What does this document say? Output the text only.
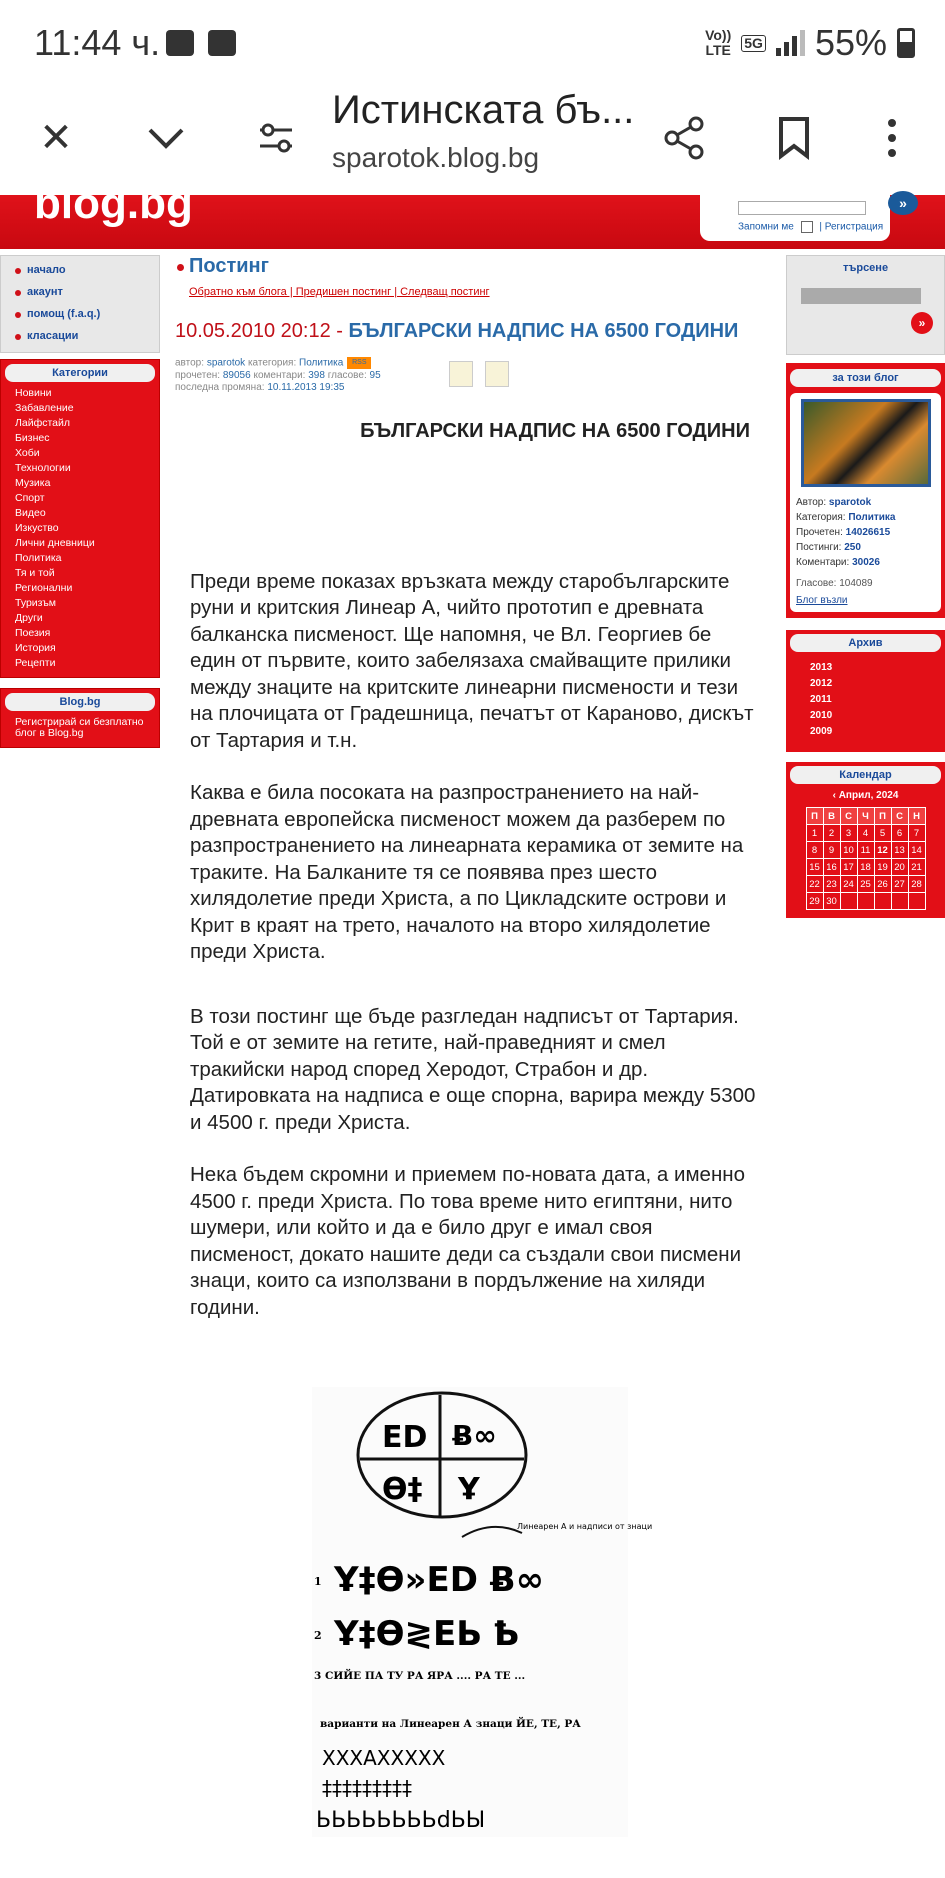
11:44 ч.	Vo))
LTE 5G 55%
✕
Истинската бъ...
sparotok.blog.bg
blog.bg	Запомни ме	| Регистрация
»
начало
акаунт
помощ (f.a.q.)
класации
Категории
Новини
Забавление
Лайфстайл
Бизнес
Хоби
Технологии
Музика
Спорт
Видео
Изкуство
Лични дневници
Политика
Тя и той
Регионални
Туризъм
Други
Поезия
История
Рецепти
Blog.bg
Регистрирай си безплатно блог в Blog.bg
Постинг
Обратно към блога | Предишен постинг | Следващ постинг
10.05.2010 20:12 - БЪЛГАРСКИ НАДПИС НА 6500 ГОДИНИ
автор: sparotok категория: Политика RSS
прочетен: 89056 коментари: 398 гласове: 95
последна промяна: 10.11.2013 19:35
БЪЛГАРСКИ НАДПИС НА 6500 ГОДИНИ

Преди време показах връзката между старобългарските руни и критския Линеар А, чийто прототип е древната балканска писменост. Ще напомня, че Вл. Георгиев бе един от първите, които забелязаха смайващите прилики между знаците на критските линеарни писмености и тези на плочицата от Градешница, печатът от Караново, дискът от Тартария и т.н.

Каква е била посоката на разпространението на най-древната европейска писменост можем да разберем по разпространението на линеарната керамика от земите на траките. На Балканите тя се появява през шесто хилядолетие преди Христа, а по Цикладските острови и Крит в краят на трето, началото на второ хилядолетие преди Христа.

В този постинг ще бъде разгледан надписът от Тартария. Той е от земите на гетите, най-праведният и смел тракийски народ според Херодот, Страбон и др. Датировката на надписа е още спорна, варира между 5300 и 4500 г. преди Христа.

Нека бъдем скромни и приемем по-новата дата, а именно 4500 г. преди Христа. По това време нито египтяни, нито шумери, или който и да е било друг е имал своя писменост, докато нашите деди са създали свои писмени знаци, които са използвани в пордължение на хиляди години.

ЕD Ƀ∞
Ө‡ Ұ
Линеарен А и надписи от знаци
1 Ұ‡Ө»ЕD Ƀ∞
2 Ұ‡Ө≷ЕЬ Ҍ
3 СИЙЕ ПА ТУ РА ЯРА .... РА ТЕ ...
варианти на Линеарен А знаци ЙЕ, ТЕ, РА
ХХХАХХХХХ
‡‡‡‡‡‡‡‡‡
ЬЬЬЬЬЬЬЬdЬЫ
търсене
»
за този блог
Автор: sparotok
Категория: Политика
Прочетен: 14026615
Постинги: 250
Коментари: 30026
Гласове: 104089
Блог възли
Архив
2013
2012
2011
2010
2009
Календар
‹ Април, 2024
П	В	С	Ч	П	С	Н
1	2	3	4	5	6	7
8	9	10	11	12	13	14
15	16	17	18	19	20	21
22	23	24	25	26	27	28
29	30					
